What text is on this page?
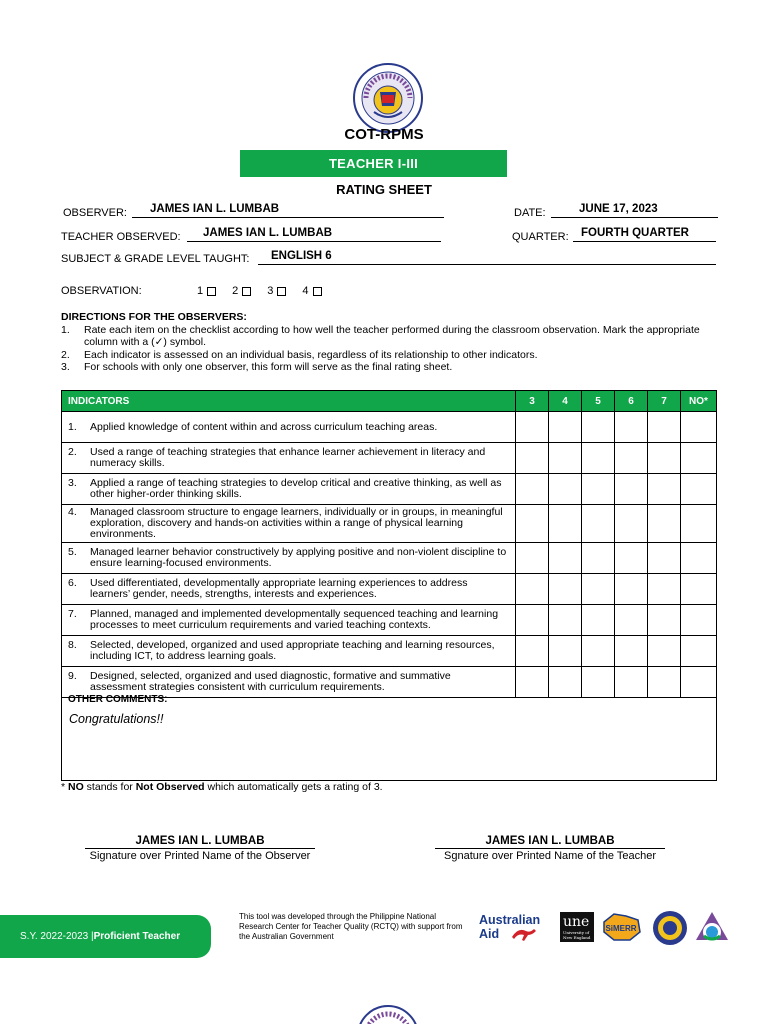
COT-RPMS
TEACHER I-III
RATING SHEET
OBSERVER: JAMES IAN L. LUMBAB	DATE:	JUNE 17, 2023
TEACHER OBSERVED: JAMES IAN L. LUMBAB	QUARTER: FOURTH QUARTER
SUBJECT & GRADE LEVEL TAUGHT: ENGLISH 6
OBSERVATION:	1	2	3	4
DIRECTIONS FOR THE OBSERVERS:
1.	Rate each item on the checklist according to how well the teacher performed during the classroom observation. Mark the appropriate column with a (✓) symbol.
2.	Each indicator is assessed on an individual basis, regardless of its relationship to other indicators.
3.	For schools with only one observer, this form will serve as the final rating sheet.
INDICATORS	3	4	5	6	7	NO*

1. Applied knowledge of content within and across curriculum teaching areas.						

2. Used a range of teaching strategies that enhance learner achievement in literacy and numeracy skills.						

3. Applied a range of teaching strategies to develop critical and creative thinking, as well as other higher-order thinking skills.						

4. Managed classroom structure to engage learners, individually or in groups, in meaningful exploration, discovery and hands-on activities within a range of physical learning environments.						

5. Managed learner behavior constructively by applying positive and non-violent discipline to ensure learning-focused environments.						

6. Used differentiated, developmentally appropriate learning experiences to address learners’ gender, needs, strengths, interests and experiences.						

7. Planned, managed and implemented developmentally sequenced teaching and learning processes to meet curriculum requirements and varied teaching contexts.						

8. Selected, developed, organized and used appropriate teaching and learning resources, including ICT, to address learning goals.						

9. Designed, selected, organized and used diagnostic, formative and summative assessment strategies consistent with curriculum requirements.						

OTHER COMMENTS:
Congratulations!!
* NO stands for Not Observed which automatically gets a rating of 3.
JAMES IAN L. LUMBAB
Signature over Printed Name of the Observer
JAMES IAN L. LUMBAB
Sgnature over Printed Name of the Teacher
S.Y. 2022-2023 | Proficient Teacher
This tool was developed through the Philippine National Research Center for Teacher Quality (RCTQ) with support from the Australian Government
Australian
Aid
une
University of New England
SiMERR
